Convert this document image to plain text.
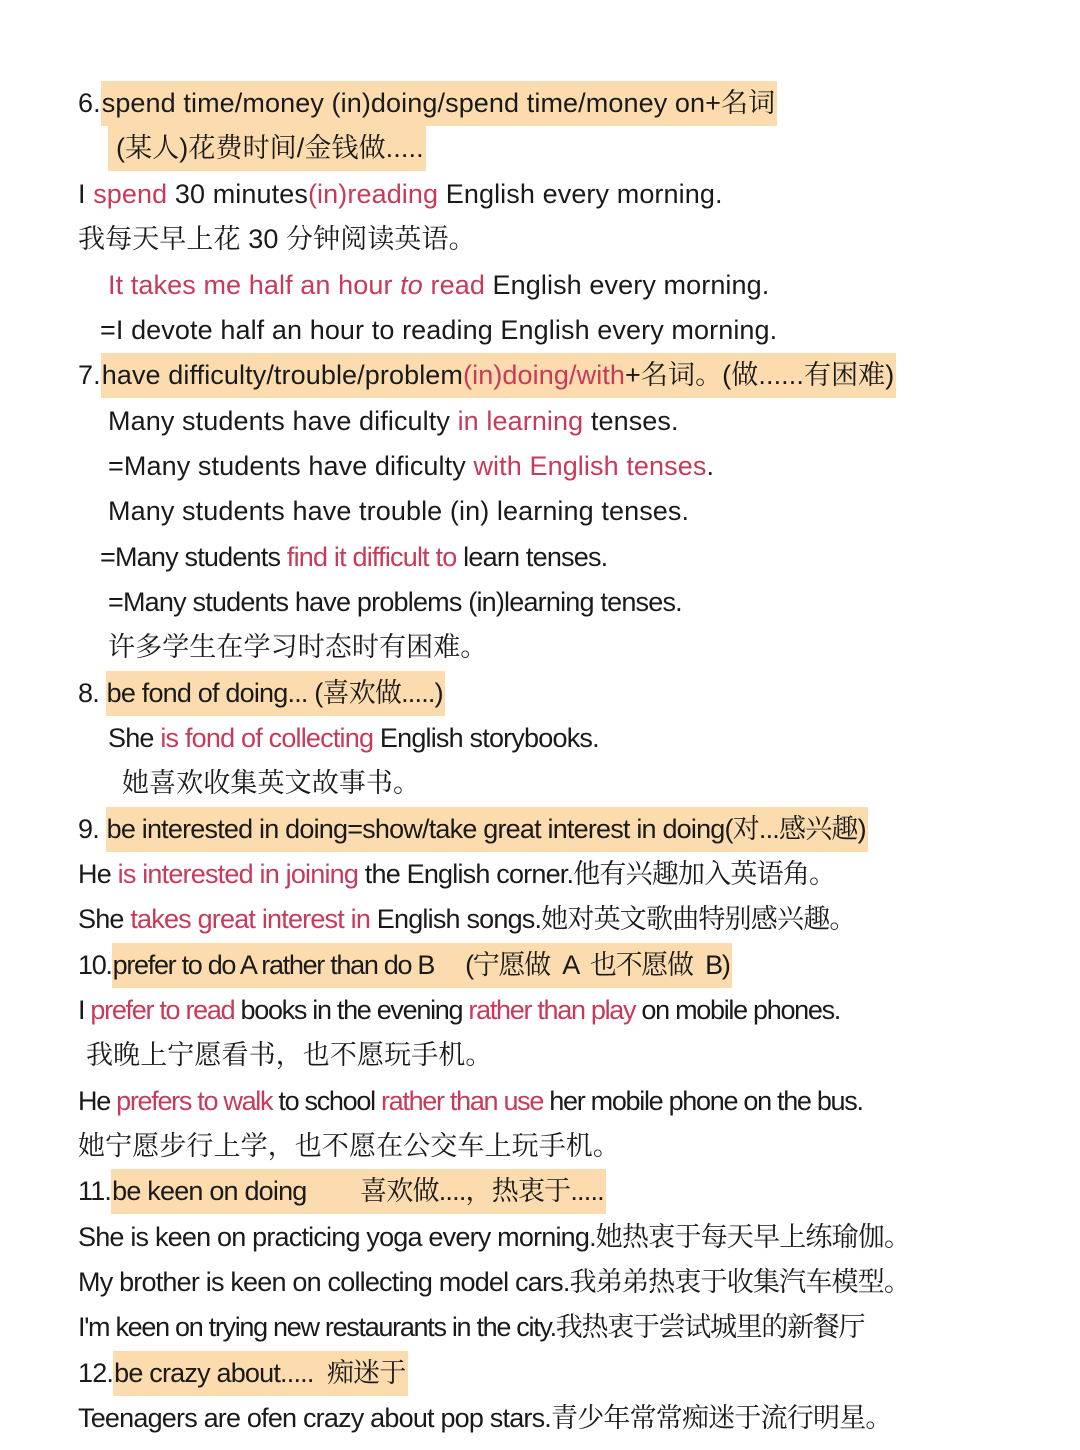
6.spend time/money (in)doing/spend time/money on+名词
(某人)花费时间/金钱做.....
I spend 30 minutes(in)reading English every morning.
我每天早上花 30 分钟阅读英语。
It takes me half an hour to read English every morning.
=I devote half an hour to reading English every morning.
7.have difficulty/trouble/problem(in)doing/with+名词。(做......有困难)
Many students have dificulty in learning tenses.
=Many students have dificulty with English tenses.
Many students have trouble (in) learning tenses.
=Many students find it difficult to learn tenses.
=Many students have problems (in)learning tenses.
许多学生在学习时态时有困难。
8. be fond of doing... (喜欢做.....)
She is fond of collecting English storybooks.
她喜欢收集英文故事书。
9. be interested in doing=show/take great interest in doing(对...感兴趣)
He is interested in joining the English corner.他有兴趣加入英语角。
She takes great interest in English songs.她对英文歌曲特别感兴趣。
10.prefer to do A rather than do B     (宁愿做  A  也不愿做  B)
I prefer to read books in the evening rather than play on mobile phones.
我晚上宁愿看书，也不愿玩手机。
He prefers to walk to school rather than use her mobile phone on the bus.
她宁愿步行上学，也不愿在公交车上玩手机。
11.be keen on doing        喜欢做....，热衷于.....
She is keen on practicing yoga every morning.她热衷于每天早上练瑜伽。
My brother is keen on collecting model cars.我弟弟热衷于收集汽车模型。
I'm keen on trying new restaurants in the city.我热衷于尝试城里的新餐厅
12.be crazy about.....  痴迷于
Teenagers are ofen crazy about pop stars.青少年常常痴迷于流行明星。
